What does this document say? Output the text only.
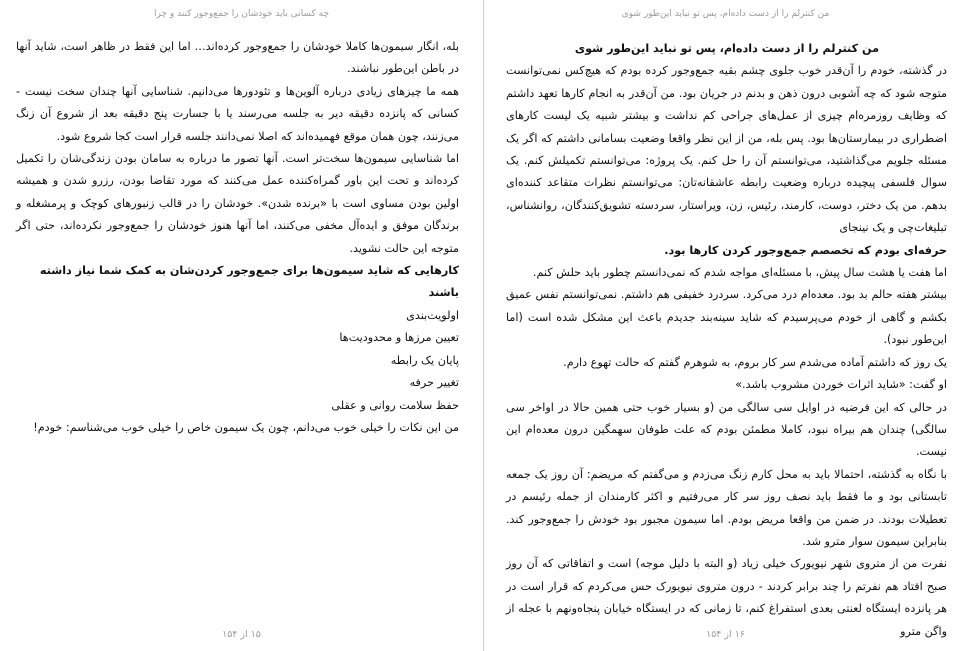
چه کسانی باید خودشان را جمع‌وجور کنند و چرا

بله، انگار سیمون‌ها کاملا خودشان را جمع‌وجور کرده‌اند… اما این فقط در ظاهر است، شاید آنها در باطن این‌طور نباشند.

همه ما چیزهای زیادی درباره آلوین‌ها و تئودورها می‌دانیم. شناسایی آنها چندان سخت نیست - کسانی که پانزده دقیقه دیر به جلسه می‌رسند یا با جسارت پنج دقیقه بعد از شروع آن زنگ می‌زنند، چون همان موقع فهمیده‌اند که اصلا نمی‌دانند جلسه قرار است کجا شروع شود.

اما شناسایی سیمون‌ها سخت‌تر است. آنها تصور ما درباره به سامان بودن زندگی‌شان را تکمیل کرده‌اند و تحت این باور گمراه‌کننده عمل می‌کنند که مورد تقاضا بودن، رزرو شدن و همیشه اولین بودن مساوی است با «برنده شدن». خودشان را در قالب زنبورهای کوچک و پرمشغله و برندگان موفق و ایده‌آل مخفی می‌کنند، اما آنها هنوز خودشان را جمع‌وجور نکرده‌اند، حتی اگر متوجه این حالت نشوید.

کارهایی که شاید سیمون‌ها برای جمع‌وجور کردن‌شان به کمک شما نیاز داشته باشند

اولویت‌بندی

تعیین مرزها و محدودیت‌ها

پایان یک رابطه

تغییر حرفه

حفظ سلامت روانی و عقلی

من این نکات را خیلی خوب می‌دانم، چون یک سیمون خاص را خیلی خوب می‌شناسم: خودم!

۱۵ از ۱۵۴
من کنترلم را از دست داده‌ام، پس تو نباید این‌طور شوی

من کنترلم را از دست داده‌ام، پس تو نباید این‌طور شوی

در گذشته، خودم را آن‌قدر خوب جلوی چشم بقیه جمع‌وجور کرده بودم که هیچ‌کس نمی‌توانست متوجه شود که چه آشوبی درون ذهن و بدنم در جریان بود. من آن‌قدر به انجام کارها تعهد داشتم که وظایف روزمره‌ام چیزی از عمل‌های جراحی کم نداشت و بیشتر شبیه یک لیست کارهای اضطراری در بیمارستان‌ها بود. پس بله، من از این نظر واقعا وضعیت بسامانی داشتم که اگر یک مسئله جلویم می‌گذاشتید، می‌توانستم آن را حل کنم. یک پروژه: می‌توانستم تکمیلش کنم. یک سوال فلسفی پیچیده درباره وضعیت رابطه عاشقانه‌تان: می‌توانستم نظرات متقاعد کننده‌ای بدهم. من یک دختر، دوست، کارمند، رئیس، زن، ویراستار، سردسته تشویق‌کنندگان، روانشناس، تبلیغات‌چی و یک نینجای

حرفه‌ای بودم که تخصصم جمع‌وجور کردن کارها بود.

اما هفت یا هشت سال پیش، با مسئله‌ای مواجه شدم که نمی‌دانستم چطور باید حلش کنم.

بیشتر هفته حالم بد بود. معده‌ام درد می‌کرد. سردرد خفیفی هم داشتم. نمی‌توانستم نفس عمیق بکشم و گاهی از خودم می‌پرسیدم که شاید سینه‌بند جدیدم باعث این مشکل شده است (اما این‌طور نبود).

یک روز که داشتم آماده می‌شدم سر کار بروم، به شوهرم گفتم که حالت تهوع دارم.

او گفت: «شاید اثرات خوردن مشروب باشد.»

در حالی که این فرضیه در اوایل سی سالگی من (و بسیار خوب حتی همین حالا در اواخر سی سالگی) چندان هم بیراه نبود، کاملا مطمئن بودم که علت طوفان سهمگین درون معده‌ام این نیست.

با نگاه به گذشته، احتمالا باید به محل کارم زنگ می‌زدم و می‌گفتم که مریضم: آن روز یک جمعه تابستانی بود و ما فقط باید نصف روز سر کار می‌رفتیم و اکثر کارمندان از جمله رئیسم در تعطیلات بودند. در ضمن من واقعا مریض بودم. اما سیمون مجبور بود خودش را جمع‌وجور کند. بنابراین سیمون سوار مترو شد.

نفرت من از متروی شهر نیویورک خیلی زیاد (و البته با دلیل موجه) است و اتفاقاتی که آن روز صبح افتاد هم نفرتم را چند برابر کردند - درون متروی نیویورک حس می‌کردم که قرار است در هر پانزده ایستگاه لعنتی بعدی استفراغ کنم، تا زمانی که در ایستگاه خیابان پنجاه‌ونهم با عجله از واگن مترو

۱۶ از ۱۵۴
